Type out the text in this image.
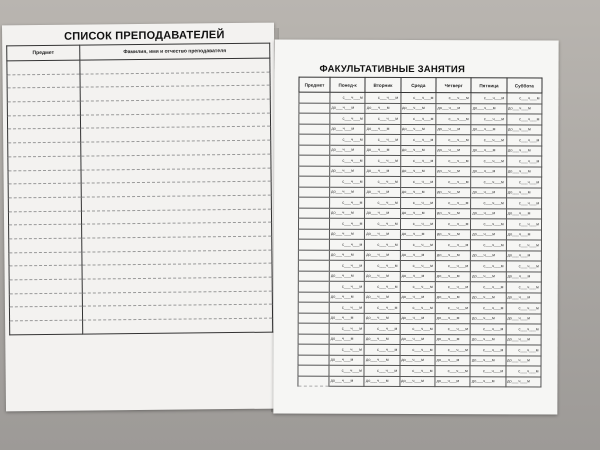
СПИСОК ПРЕПОДАВАТЕЛЕЙ
Предмет	Фамилия, имя и отчество преподавателя

ФАКУЛЬТАТИВНЫЕ ЗАНЯТИЯ
Предмет	Понед-к	Вторник	Среда	Четверг	Пятница	Суббота

	с___ч___м	с___ч___м	с___ч___м	с___ч___м	с___ч___м	с___ч___м

	до___ч___м	до___ч___м	до___ч___м	до___ч___м	до___ч___м	до___ч___м

	с___ч___м	с___ч___м	с___ч___м	с___ч___м	с___ч___м	с___ч___м

	до___ч___м	до___ч___м	до___ч___м	до___ч___м	до___ч___м	до___ч___м

	с___ч___м	с___ч___м	с___ч___м	с___ч___м	с___ч___м	с___ч___м

	до___ч___м	до___ч___м	до___ч___м	до___ч___м	до___ч___м	до___ч___м

	с___ч___м	с___ч___м	с___ч___м	с___ч___м	с___ч___м	с___ч___м

	до___ч___м	до___ч___м	до___ч___м	до___ч___м	до___ч___м	до___ч___м

	с___ч___м	с___ч___м	с___ч___м	с___ч___м	с___ч___м	с___ч___м

	до___ч___м	до___ч___м	до___ч___м	до___ч___м	до___ч___м	до___ч___м

	с___ч___м	с___ч___м	с___ч___м	с___ч___м	с___ч___м	с___ч___м

	до___ч___м	до___ч___м	до___ч___м	до___ч___м	до___ч___м	до___ч___м

	с___ч___м	с___ч___м	с___ч___м	с___ч___м	с___ч___м	с___ч___м

	до___ч___м	до___ч___м	до___ч___м	до___ч___м	до___ч___м	до___ч___м

	с___ч___м	с___ч___м	с___ч___м	с___ч___м	с___ч___м	с___ч___м

	до___ч___м	до___ч___м	до___ч___м	до___ч___м	до___ч___м	до___ч___м

	с___ч___м	с___ч___м	с___ч___м	с___ч___м	с___ч___м	с___ч___м

	до___ч___м	до___ч___м	до___ч___м	до___ч___м	до___ч___м	до___ч___м

	с___ч___м	с___ч___м	с___ч___м	с___ч___м	с___ч___м	с___ч___м

	до___ч___м	до___ч___м	до___ч___м	до___ч___м	до___ч___м	до___ч___м

	с___ч___м	с___ч___м	с___ч___м	с___ч___м	с___ч___м	с___ч___м

	до___ч___м	до___ч___м	до___ч___м	до___ч___м	до___ч___м	до___ч___м

	с___ч___м	с___ч___м	с___ч___м	с___ч___м	с___ч___м	с___ч___м

	до___ч___м	до___ч___м	до___ч___м	до___ч___м	до___ч___м	до___ч___м

	с___ч___м	с___ч___м	с___ч___м	с___ч___м	с___ч___м	с___ч___м

	до___ч___м	до___ч___м	до___ч___м	до___ч___м	до___ч___м	до___ч___м

	с___ч___м	с___ч___м	с___ч___м	с___ч___м	с___ч___м	с___ч___м

	до___ч___м	до___ч___м	до___ч___м	до___ч___м	до___ч___м	до___ч___м
